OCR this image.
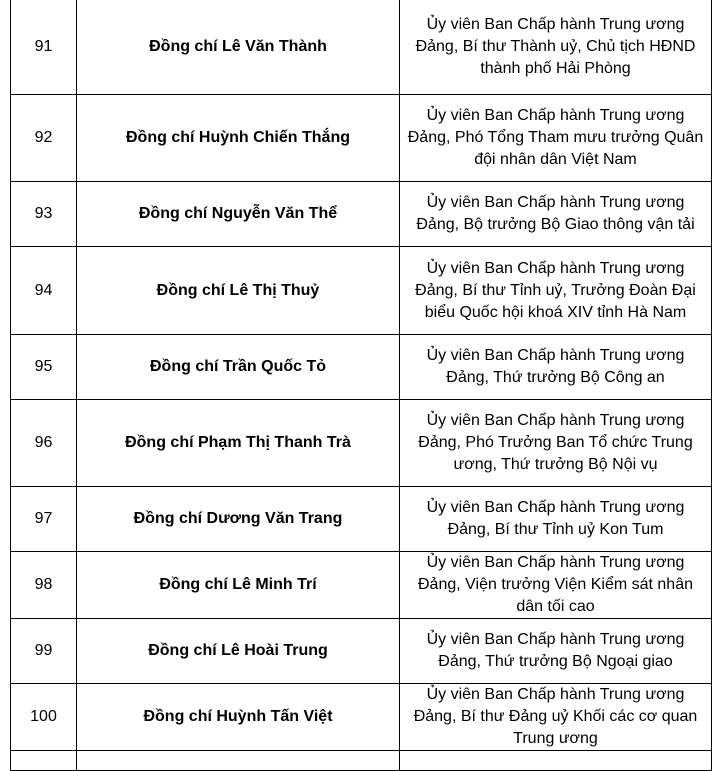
91	Đồng chí Lê Văn Thành	Ủy viên Ban Chấp hành Trung ương Đảng, Bí thư Thành uỷ, Chủ tịch HĐND thành phố Hải Phòng
92	Đồng chí Huỳnh Chiến Thắng	Ủy viên Ban Chấp hành Trung ương Đảng, Phó Tổng Tham mưu trưởng Quân đội nhân dân Việt Nam
93	Đồng chí Nguyễn Văn Thể	Ủy viên Ban Chấp hành Trung ương Đảng, Bộ trưởng Bộ Giao thông vận tải
94	Đồng chí Lê Thị Thuỷ	Ủy viên Ban Chấp hành Trung ương Đảng, Bí thư Tỉnh uỷ, Trưởng Đoàn Đại biểu Quốc hội khoá XIV tỉnh Hà Nam
95	Đồng chí Trần Quốc Tỏ	Ủy viên Ban Chấp hành Trung ương Đảng, Thứ trưởng Bộ Công an
96	Đồng chí Phạm Thị Thanh Trà	Ủy viên Ban Chấp hành Trung ương Đảng, Phó Trưởng Ban Tổ chức Trung ương, Thứ trưởng Bộ Nội vụ
97	Đồng chí Dương Văn Trang	Ủy viên Ban Chấp hành Trung ương Đảng, Bí thư Tỉnh uỷ Kon Tum
98	Đồng chí Lê Minh Trí	Ủy viên Ban Chấp hành Trung ương Đảng, Viện trưởng Viện Kiểm sát nhân dân tối cao
99	Đồng chí Lê Hoài Trung	Ủy viên Ban Chấp hành Trung ương Đảng, Thứ trưởng Bộ Ngoại giao
100	Đồng chí Huỳnh Tấn Việt	Ủy viên Ban Chấp hành Trung ương Đảng, Bí thư Đảng uỷ Khối các cơ quan Trung ương
